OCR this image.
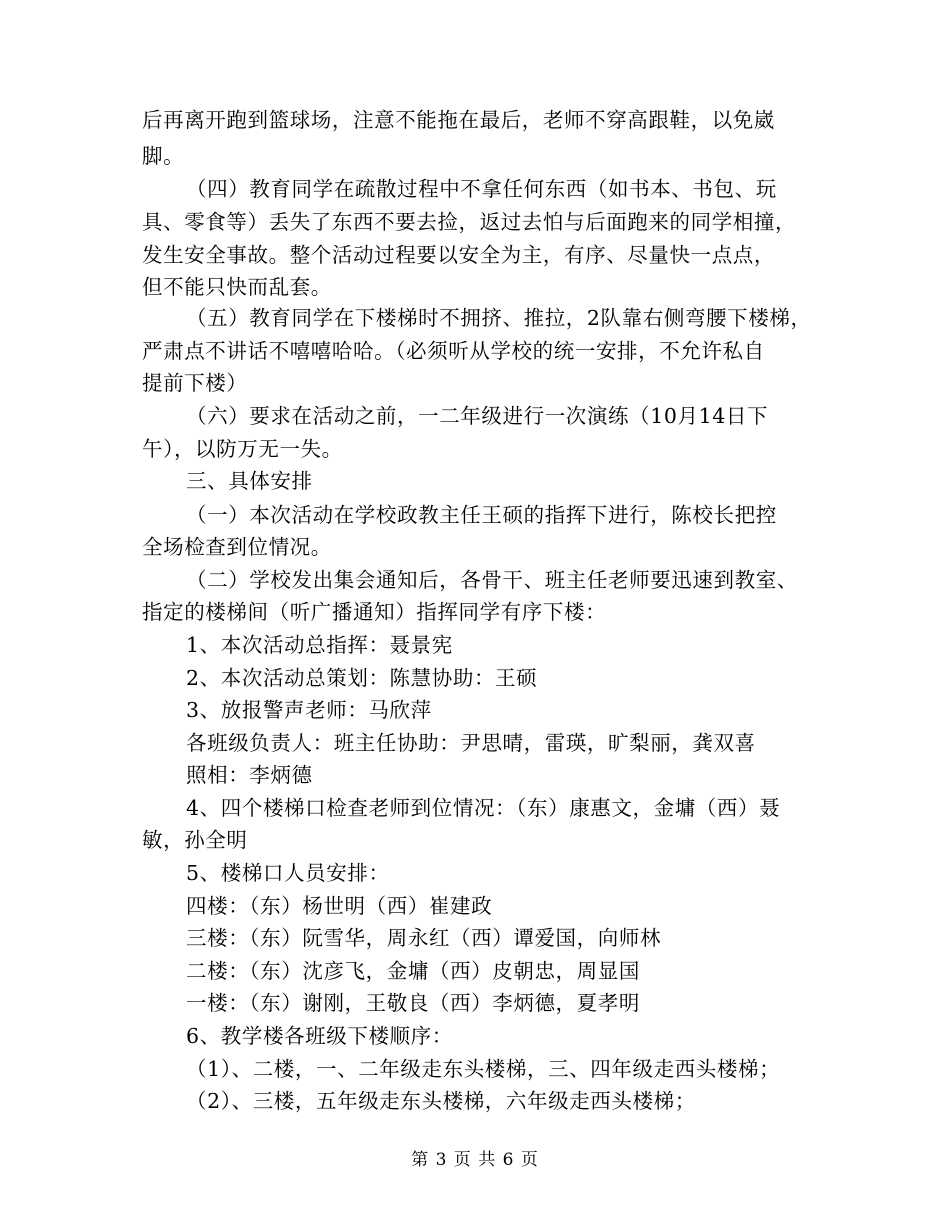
后再离开跑到篮球场，注意不能拖在最后，老师不穿高跟鞋，以免崴
脚。
（四）教育同学在疏散过程中不拿任何东西（如书本、书包、玩
具、零食等）丢失了东西不要去捡，返过去怕与后面跑来的同学相撞，
发生安全事故。整个活动过程要以安全为主，有序、尽量快一点点，
但不能只快而乱套。
（五）教育同学在下楼梯时不拥挤、推拉，2队靠右侧弯腰下楼梯，
严肃点不讲话不嘻嘻哈哈。（必须听从学校的统一安排，不允许私自
提前下楼）
（六）要求在活动之前，一二年级进行一次演练（10月14日下
午），以防万无一失。
三、具体安排
（一）本次活动在学校政教主任王硕的指挥下进行，陈校长把控
全场检查到位情况。
（二）学校发出集会通知后，各骨干、班主任老师要迅速到教室、
指定的楼梯间（听广播通知）指挥同学有序下楼：
1、本次活动总指挥：聂景宪
2、本次活动总策划：陈慧协助：王硕
3、放报警声老师：马欣萍
各班级负责人：班主任协助：尹思晴，雷瑛，旷梨丽，龚双喜
照相：李炳德
4、四个楼梯口检查老师到位情况：（东）康惠文，金墉（西）聂
敏，孙全明
5、楼梯口人员安排：
四楼：（东）杨世明（西）崔建政
三楼：（东）阮雪华，周永红（西）谭爱国，向师林
二楼：（东）沈彦飞，金墉（西）皮朝忠，周显国
一楼：（东）谢刚，王敬良（西）李炳德，夏孝明
6、教学楼各班级下楼顺序：
（1）、二楼，一、二年级走东头楼梯，三、四年级走西头楼梯；
（2）、三楼，五年级走东头楼梯，六年级走西头楼梯；
第 3 页 共 6 页
